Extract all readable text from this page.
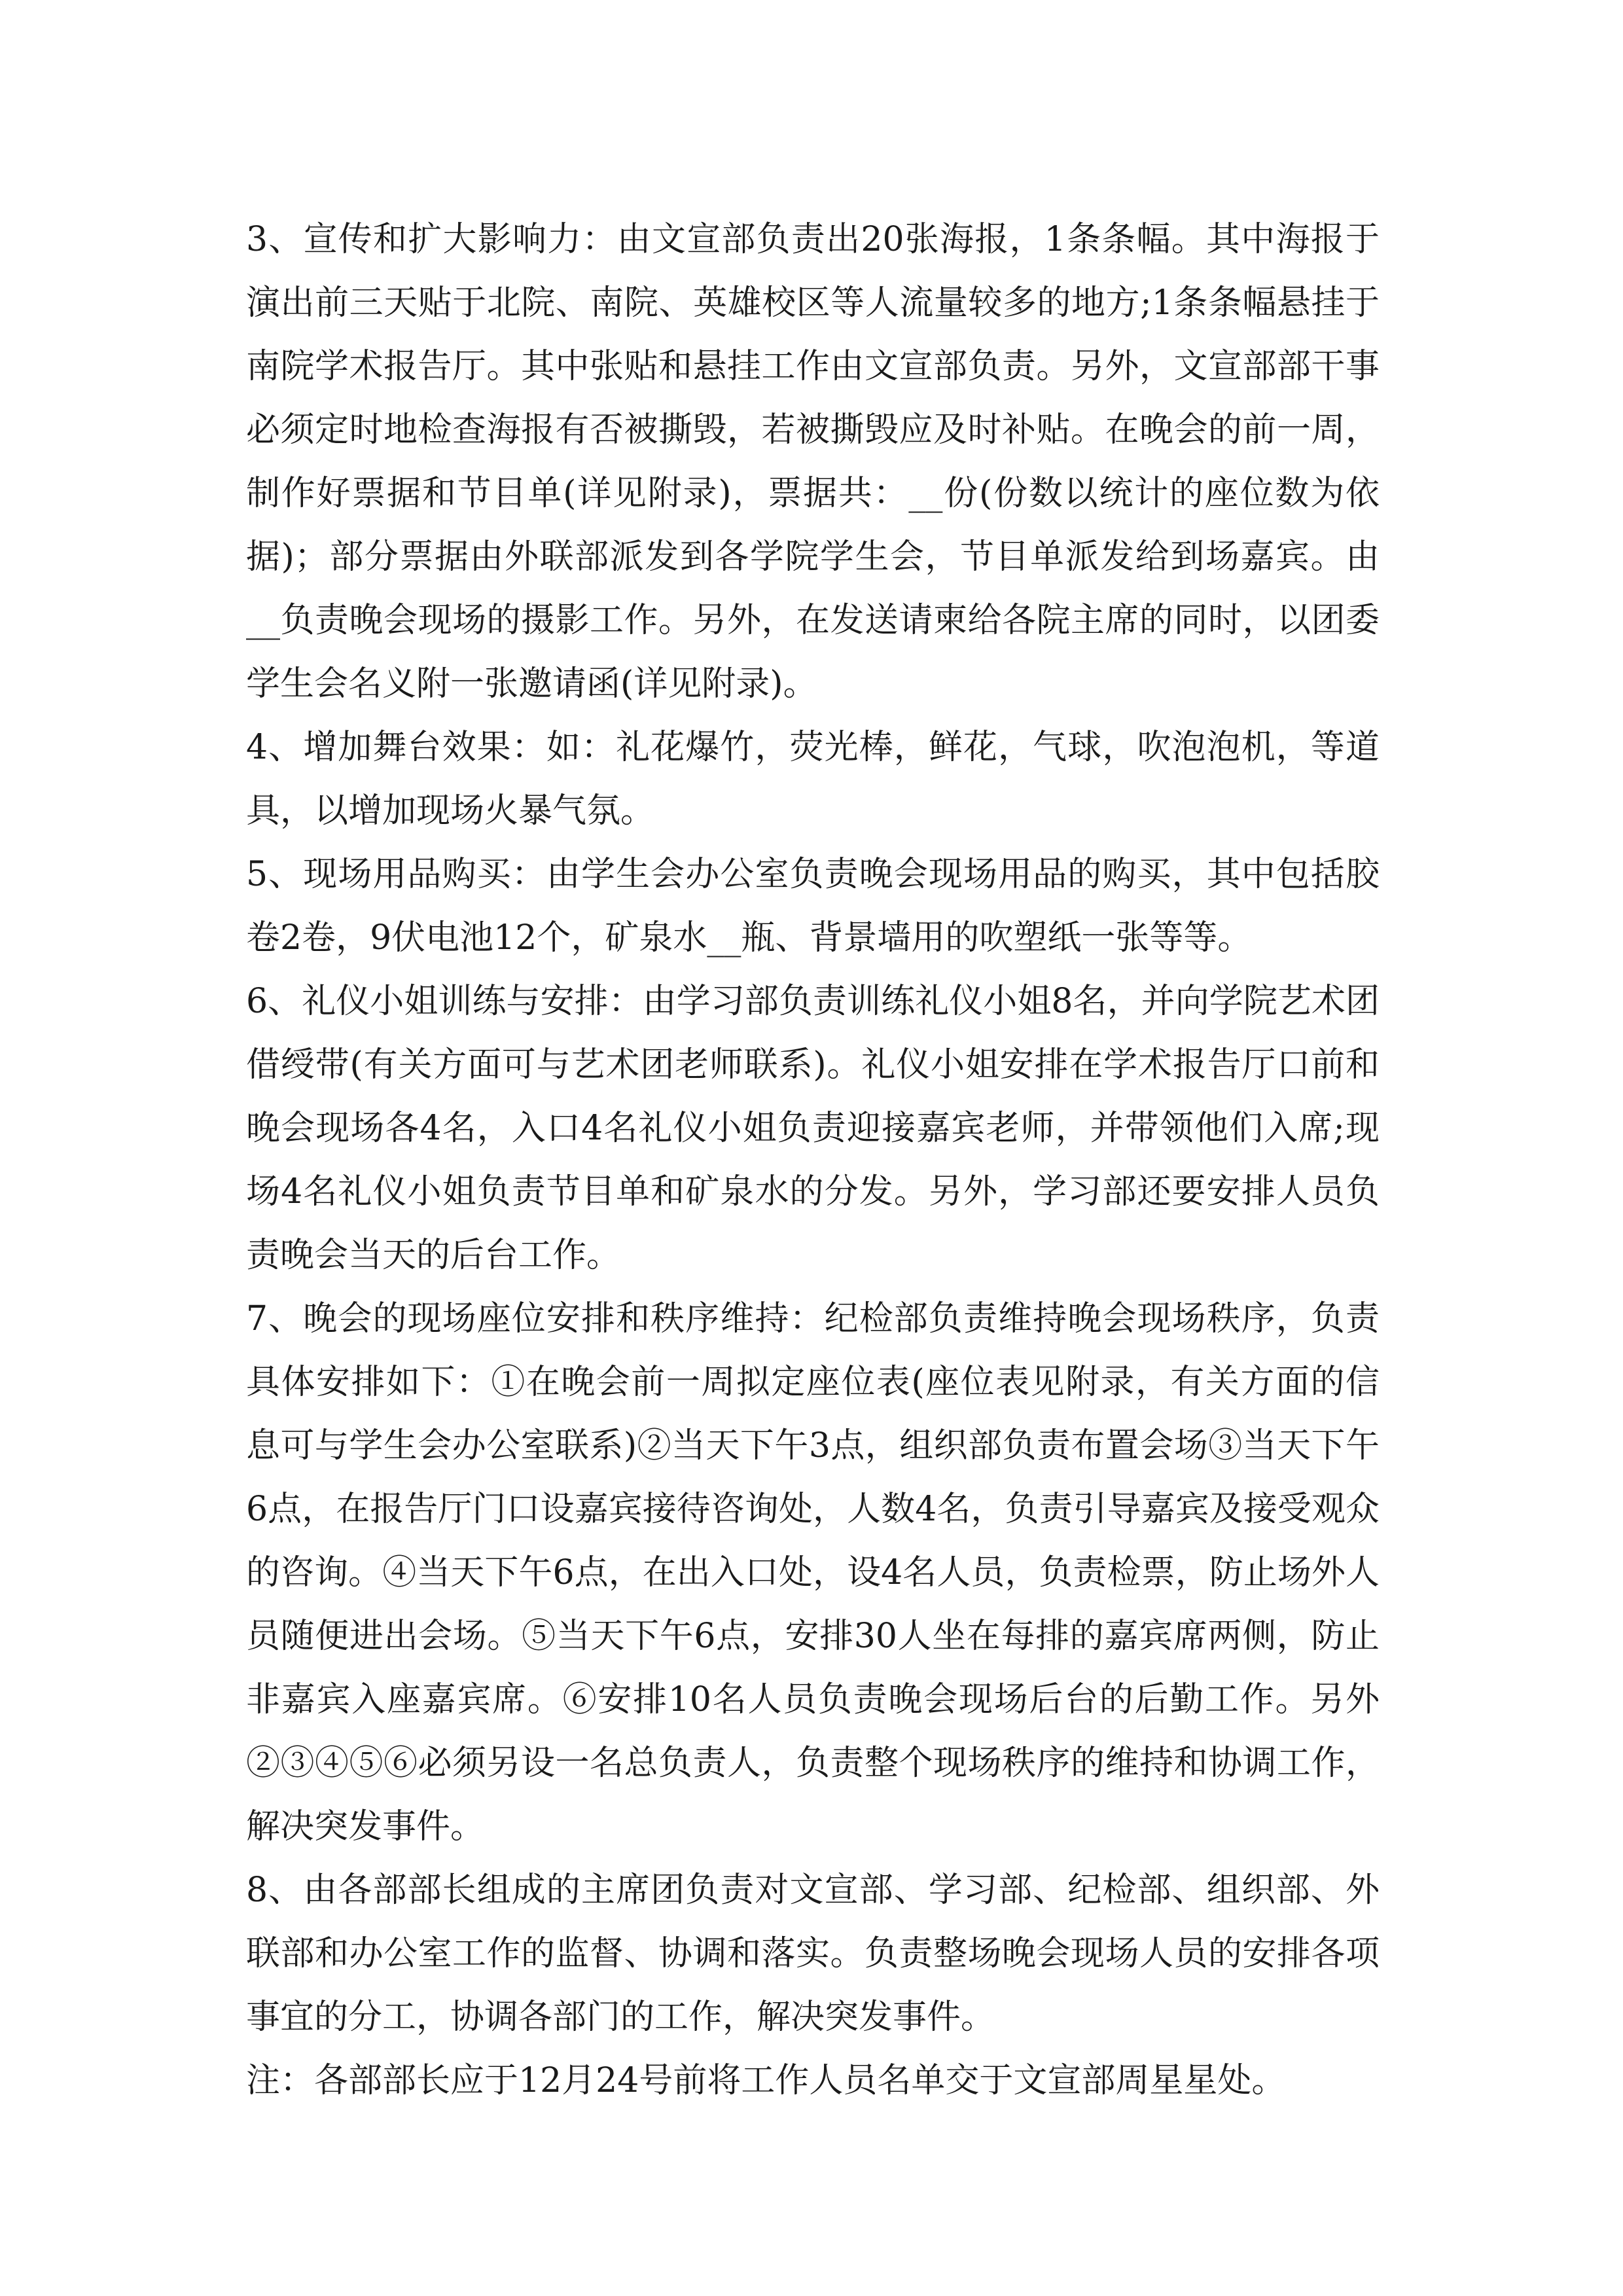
3、宣传和扩大影响力：由文宣部负责出20张海报，1条条幅。其中海报于演出前三天贴于北院、南院、英雄校区等人流量较多的地方;1条条幅悬挂于南院学术报告厅。其中张贴和悬挂工作由文宣部负责。另外，文宣部部干事必须定时地检查海报有否被撕毁，若被撕毁应及时补贴。在晚会的前一周，制作好票据和节目单(详见附录)，票据共：__份(份数以统计的座位数为依据)；部分票据由外联部派发到各学院学生会，节目单派发给到场嘉宾。由__负责晚会现场的摄影工作。另外，在发送请柬给各院主席的同时，以团委学生会名义附一张邀请函(详见附录)。

4、增加舞台效果：如：礼花爆竹，荧光棒，鲜花，气球，吹泡泡机，等道具，以增加现场火暴气氛。

5、现场用品购买：由学生会办公室负责晚会现场用品的购买，其中包括胶卷2卷，9伏电池12个，矿泉水__瓶、背景墙用的吹塑纸一张等等。

6、礼仪小姐训练与安排：由学习部负责训练礼仪小姐8名，并向学院艺术团借绶带(有关方面可与艺术团老师联系)。礼仪小姐安排在学术报告厅口前和晚会现场各4名，入口4名礼仪小姐负责迎接嘉宾老师，并带领他们入席;现场4名礼仪小姐负责节目单和矿泉水的分发。另外，学习部还要安排人员负责晚会当天的后台工作。

7、晚会的现场座位安排和秩序维持：纪检部负责维持晚会现场秩序，负责具体安排如下：①在晚会前一周拟定座位表(座位表见附录，有关方面的信息可与学生会办公室联系)②当天下午3点，组织部负责布置会场③当天下午6点，在报告厅门口设嘉宾接待咨询处，人数4名，负责引导嘉宾及接受观众的咨询。④当天下午6点，在出入口处，设4名人员，负责检票，防止场外人员随便进出会场。⑤当天下午6点，安排30人坐在每排的嘉宾席两侧，防止非嘉宾入座嘉宾席。⑥安排10名人员负责晚会现场后台的后勤工作。另外②③④⑤⑥必须另设一名总负责人，负责整个现场秩序的维持和协调工作，解决突发事件。

8、由各部部长组成的主席团负责对文宣部、学习部、纪检部、组织部、外联部和办公室工作的监督、协调和落实。负责整场晚会现场人员的安排各项事宜的分工，协调各部门的工作，解决突发事件。

注：各部部长应于12月24号前将工作人员名单交于文宣部周星星处。
